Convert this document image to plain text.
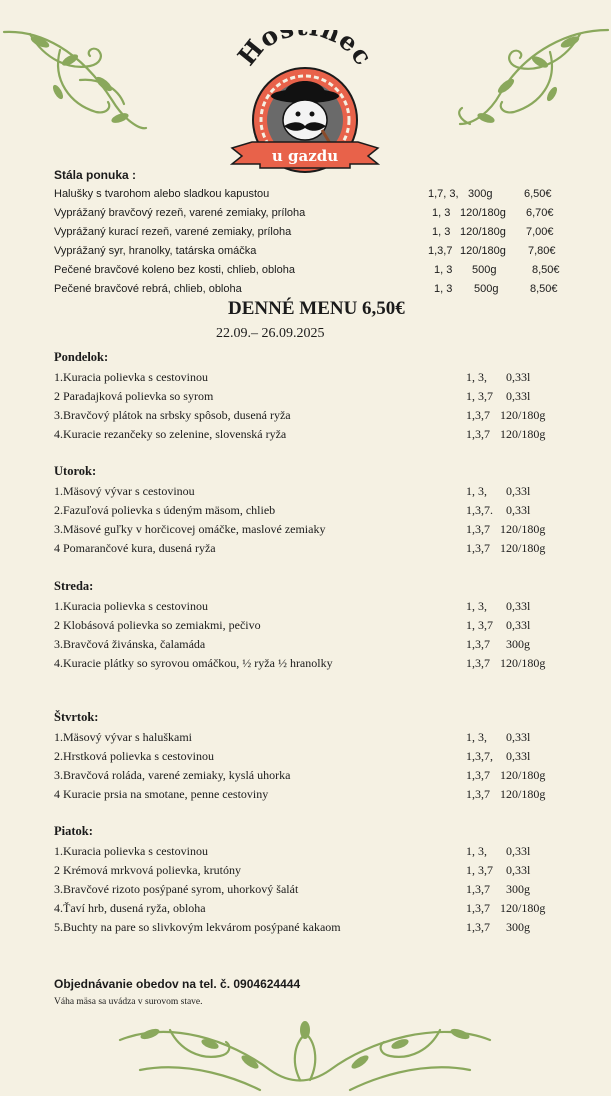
Ho nec
u gazdu
Stála ponuka :
Halušky s tvarohom alebo sladkou kapustou	1,7, 3, 300g	6,50€
Vyprážaný bravčový rezeň, varené zemiaky, príloha	1, 3 120/180g 6,70€
Vyprážaný kurací rezeň, varené zemiaky, príloha	1, 3 120/180g 7,00€
Vyprážaný syr, hranolky, tatárska omáčka	1,3,7 120/180g 7,80€
Pečené bravčové koleno bez kosti, chlieb, obloha	1, 3 500g	8,50€
Pečené bravčové rebrá, chlieb, obloha	1, 3 500g	8,50€
DENNÉ MENU 6,50€
22.09.– 26.09.2025
Pondelok:
1.Kuracia polievka s cestovinou	1, 3, 0,33l
2 Paradajková polievka so syrom	1, 3,7 0,33l
3.Bravčový plátok na srbsky spôsob, dusená ryža	1,3,7 120/180g
4.Kuracie rezančeky so zelenine, slovenská ryža	1,3,7 120/180g
Utorok:
1.Mäsový vývar s cestovinou	1, 3, 0,33l
2.Fazuľová polievka s údeným mäsom, chlieb	1,3,7. 0,33l
3.Mäsové guľky v horčicovej omáčke, maslové zemiaky	1,3,7 120/180g
4 Pomarančové kura, dusená ryža	1,3,7 120/180g
Streda:
1.Kuracia polievka s cestovinou	1, 3, 0,33l
2 Klobásová polievka so zemiakmi, pečivo	1, 3,7 0,33l
3.Bravčová živánska, čalamáda	1,3,7 300g
4.Kuracie plátky so syrovou omáčkou, ½ ryža ½ hranolky	1,3,7 120/180g
Štvrtok:
1.Mäsový vývar s haluškami	1, 3, 0,33l
2.Hrstková polievka s cestovinou	1,3,7, 0,33l
3.Bravčová roláda, varené zemiaky, kyslá uhorka	1,3,7 120/180g
4 Kuracie prsia na smotane, penne cestoviny	1,3,7 120/180g
Piatok:
1.Kuracia polievka s cestovinou	1, 3, 0,33l
2 Krémová mrkvová polievka, krutóny	1, 3,7 0,33l
3.Bravčové rizoto posýpané syrom, uhorkový šalát	1,3,7 300g
4.Ťaví hrb, dusená ryža, obloha	1,3,7 120/180g
5.Buchty na pare so slivkovým lekvárom posýpané kakaom	1,3,7 300g
Objednávanie obedov na tel. č. 0904624444
Váha mäsa sa uvádza v surovom stave.
